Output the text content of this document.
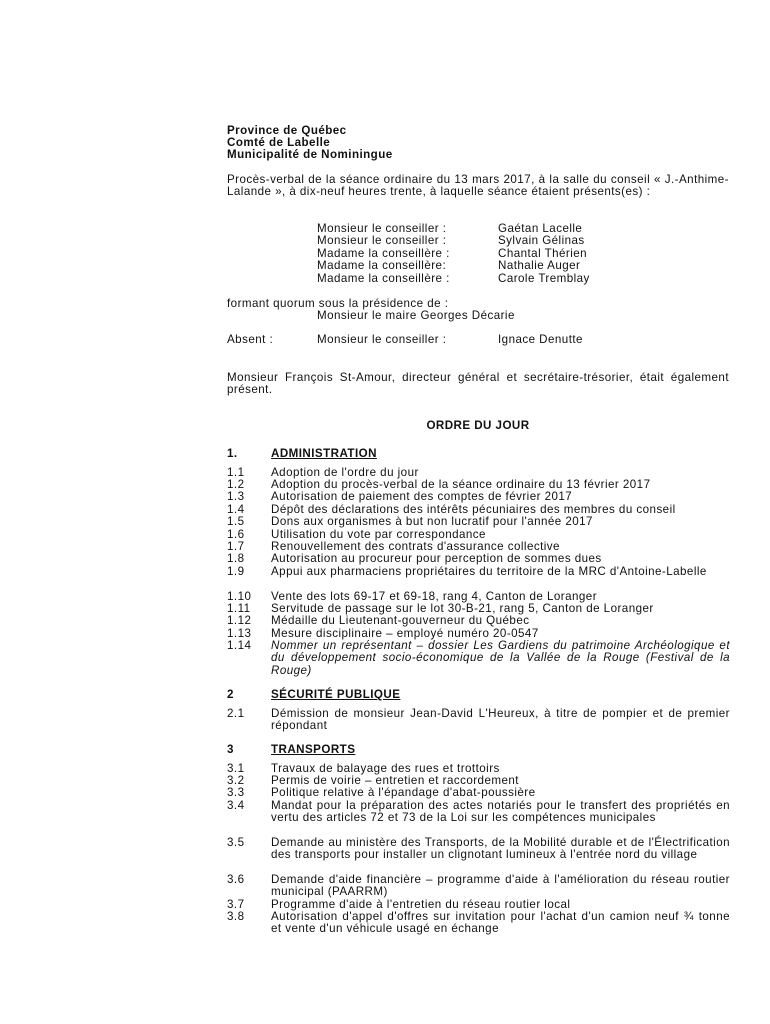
Province de Québec
Comté de Labelle
Municipalité de Nominingue
Procès-verbal de la séance ordinaire du 13 mars 2017, à la salle du conseil « J.-Anthime-Lalande », à dix-neuf heures trente, à laquelle séance étaient présents(es) :
Monsieur le conseiller :	Gaétan Lacelle
Monsieur le conseiller :	Sylvain Gélinas
Madame la conseillère :	Chantal Thérien
Madame la conseillère:	Nathalie Auger
Madame la conseillère :	Carole Tremblay
formant quorum sous la présidence de :
Monsieur le maire Georges Décarie
Absent :	Monsieur le conseiller :	Ignace Denutte
Monsieur François St-Amour, directeur général et secrétaire-trésorier, était également présent.
ORDRE DU JOUR
1.	ADMINISTRATION
1.1 Adoption de l'ordre du jour
1.2 Adoption du procès-verbal de la séance ordinaire du 13 février 2017
1.3 Autorisation de paiement des comptes de février 2017
1.4 Dépôt des déclarations des intérêts pécuniaires des membres du conseil
1.5 Dons aux organismes à but non lucratif pour l'année 2017
1.6 Utilisation du vote par correspondance
1.7 Renouvellement des contrats d'assurance collective
1.8 Autorisation au procureur pour perception de sommes dues
1.9 Appui aux pharmaciens propriétaires du territoire de la MRC d'Antoine-Labelle
1.10 Vente des lots 69-17 et 69-18, rang 4, Canton de Loranger
1.11 Servitude de passage sur le lot 30-B-21, rang 5, Canton de Loranger
1.12 Médaille du Lieutenant-gouverneur du Québec
1.13 Mesure disciplinaire – employé numéro 20-0547
1.14 Nommer un représentant – dossier Les Gardiens du patrimoine Archéologique et du développement socio-économique de la Vallée de la Rouge (Festival de la Rouge)
2	SÉCURITÉ PUBLIQUE
2.1 Démission de monsieur Jean-David L'Heureux, à titre de pompier et de premier répondant
3	TRANSPORTS
3.1 Travaux de balayage des rues et trottoirs
3.2 Permis de voirie – entretien et raccordement
3.3 Politique relative à l'épandage d'abat-poussière
3.4 Mandat pour la préparation des actes notariés pour le transfert des propriétés en vertu des articles 72 et 73 de la Loi sur les compétences municipales
3.5 Demande au ministère des Transports, de la Mobilité durable et de l'Électrification des transports pour installer un clignotant lumineux à l'entrée nord du village
3.6 Demande d'aide financière – programme d'aide à l'amélioration du réseau routier municipal (PAARRM)
3.7 Programme d'aide à l'entretien du réseau routier local
3.8 Autorisation d'appel d'offres sur invitation pour l'achat d'un camion neuf ¾ tonne et vente d'un véhicule usagé en échange
